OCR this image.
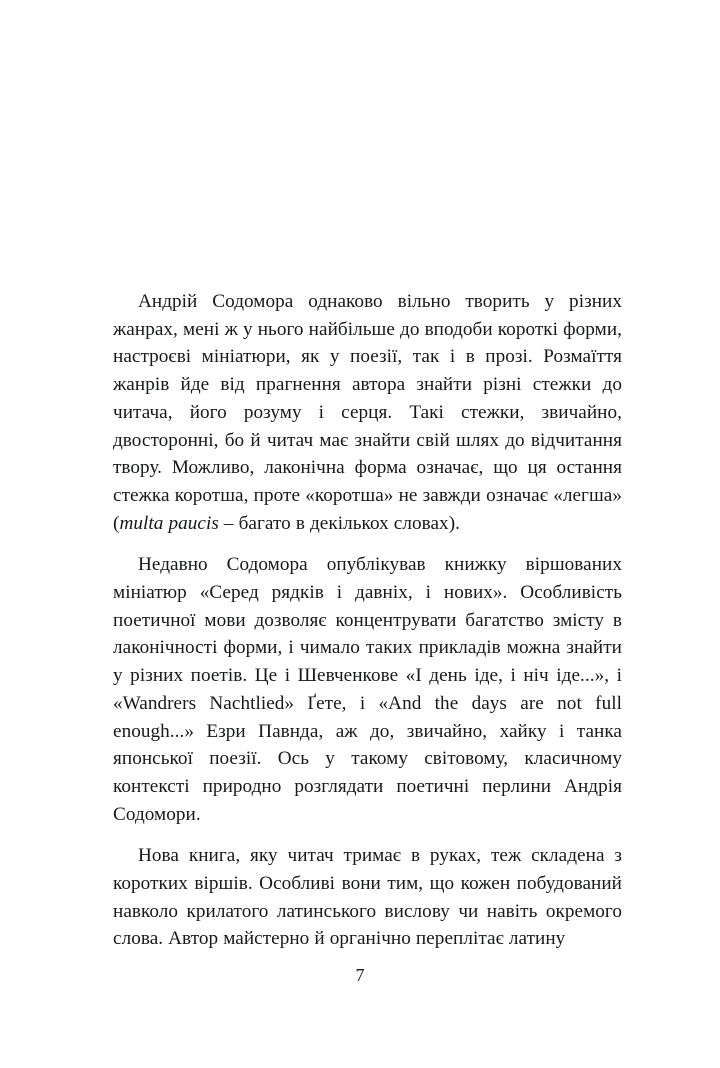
Андрій Содомора однаково вільно творить у різних жанрах, мені ж у нього найбільше до вподоби короткі форми, настроєві мініатюри, як у поезії, так і в прозі. Розмаїття жанрів йде від прагнення автора знайти різні стежки до читача, його розуму і серця. Такі стежки, звичайно, двосторонні, бо й читач має знайти свій шлях до відчитання твору. Можливо, лаконічна форма означає, що ця остання стежка коротша, проте «коротша» не завжди означає «легша» (multa paucis – багато в декількох словах).

Недавно Содомора опублікував книжку віршованих мініатюр «Серед рядків і давніх, і нових». Особливість поетичної мови дозволяє концентрувати багатство змісту в лаконічності форми, і чимало таких прикладів можна знайти у різних поетів. Це і Шевченкове «І день іде, і ніч іде...», і «Wandrers Nachtlied» Ґете, і «And the days are not full enough...» Езри Павнда, аж до, звичайно, хайку і танка японської поезії. Ось у такому світовому, класичному контексті природно розглядати поетичні перлини Андрія Содомори.

Нова книга, яку читач тримає в руках, теж складена з коротких віршів. Особливі вони тим, що кожен побудований навколо крилатого латинського вислову чи навіть окремого слова. Автор майстерно й органічно переплітає латину

7
